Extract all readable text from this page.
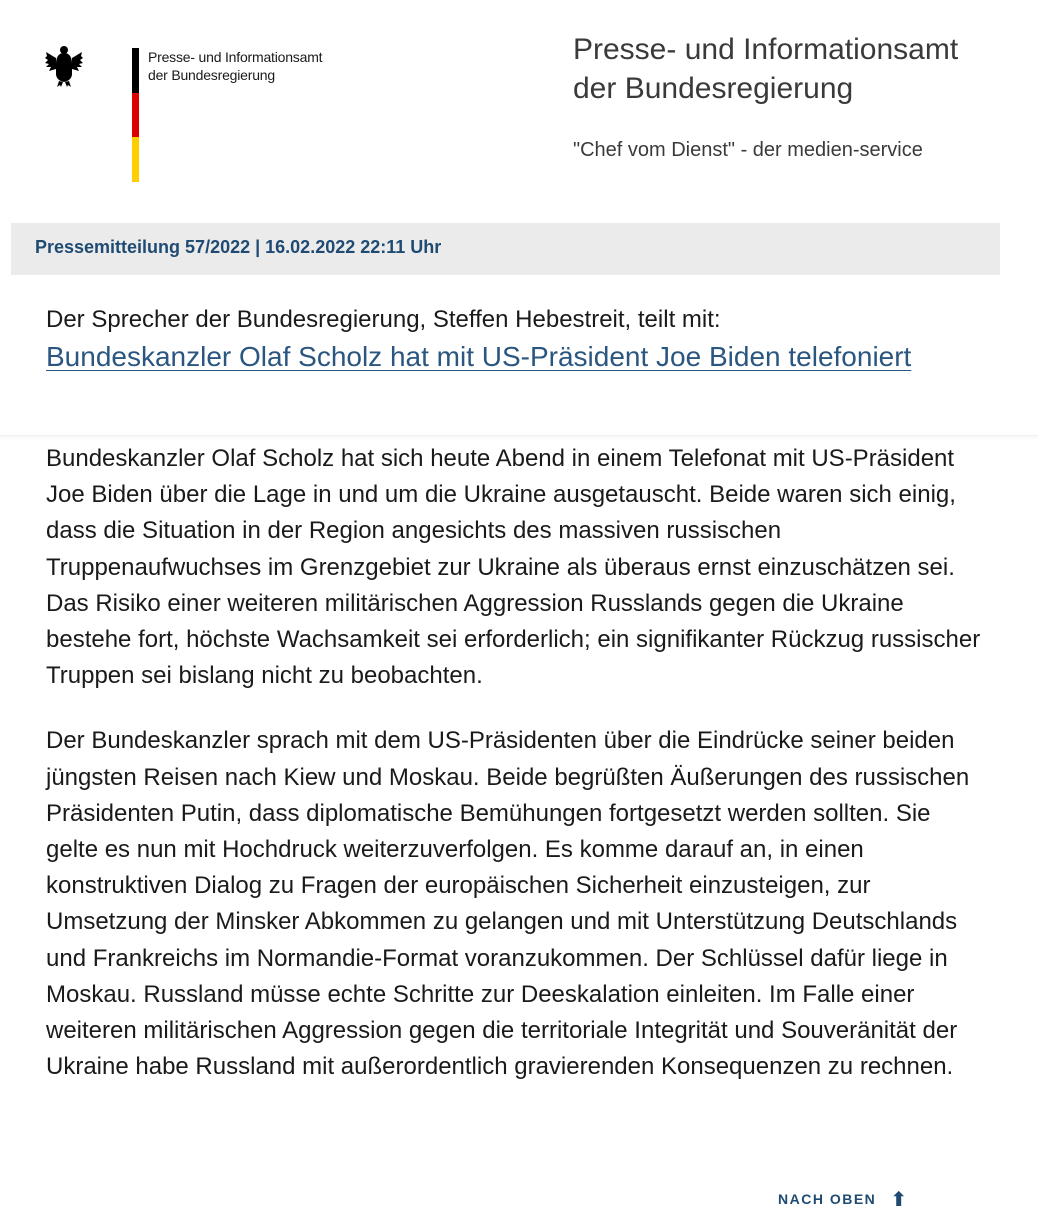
Presse- und Informationsamt
der Bundesregierung
Presse- und Informationsamt
der Bundesregierung
"Chef vom Dienst" - der medien-service
Pressemitteilung 57/2022 | 16.02.2022 22:11 Uhr
Der Sprecher der Bundesregierung, Steffen Hebestreit, teilt mit:
Bundeskanzler Olaf Scholz hat mit US-Präsident Joe Biden telefoniert

Bundeskanzler Olaf Scholz hat sich heute Abend in einem Telefonat mit US-Präsident Joe Biden über die Lage in und um die Ukraine ausgetauscht. Beide waren sich einig, dass die Situation in der Region angesichts des massiven russischen Truppenaufwuchses im Grenzgebiet zur Ukraine als überaus ernst einzuschätzen sei. Das Risiko einer weiteren militärischen Aggression Russlands gegen die Ukraine bestehe fort, höchste Wachsamkeit sei erforderlich; ein signifikanter Rückzug russischer Truppen sei bislang nicht zu beobachten.

Der Bundeskanzler sprach mit dem US-Präsidenten über die Eindrücke seiner beiden jüngsten Reisen nach Kiew und Moskau. Beide begrüßten Äußerungen des russischen Präsidenten Putin, dass diplomatische Bemühungen fortgesetzt werden sollten. Sie gelte es nun mit Hochdruck weiterzuverfolgen. Es komme darauf an, in einen konstruktiven Dialog zu Fragen der europäischen Sicherheit einzusteigen, zur Umsetzung der Minsker Abkommen zu gelangen und mit Unterstützung Deutschlands und Frankreichs im Normandie-Format voranzukommen. Der Schlüssel dafür liege in Moskau. Russland müsse echte Schritte zur Deeskalation einleiten. Im Falle einer weiteren militärischen Aggression gegen die territoriale Integrität und Souveränität der Ukraine habe Russland mit außerordentlich gravierenden Konsequenzen zu rechnen.

NACH OBEN ⬆︎
